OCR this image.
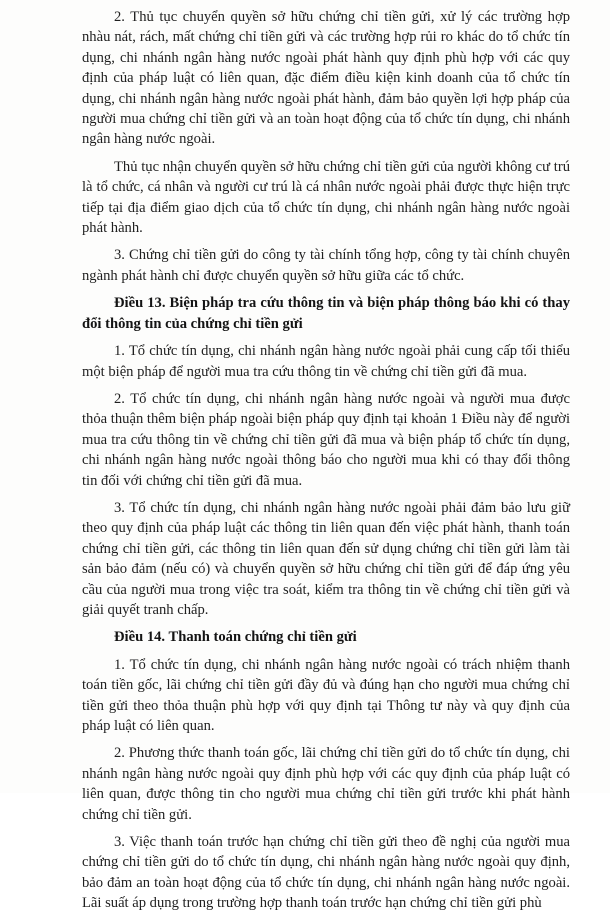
2. Thủ tục chuyển quyền sở hữu chứng chỉ tiền gửi, xử lý các trường hợp nhàu nát, rách, mất chứng chỉ tiền gửi và các trường hợp rủi ro khác do tổ chức tín dụng, chi nhánh ngân hàng nước ngoài phát hành quy định phù hợp với các quy định của pháp luật có liên quan, đặc điểm điều kiện kinh doanh của tổ chức tín dụng, chi nhánh ngân hàng nước ngoài phát hành, đảm bảo quyền lợi hợp pháp của người mua chứng chỉ tiền gửi và an toàn hoạt động của tổ chức tín dụng, chi nhánh ngân hàng nước ngoài.

Thủ tục nhận chuyển quyền sở hữu chứng chỉ tiền gửi của người không cư trú là tổ chức, cá nhân và người cư trú là cá nhân nước ngoài phải được thực hiện trực tiếp tại địa điểm giao dịch của tổ chức tín dụng, chi nhánh ngân hàng nước ngoài phát hành.

3. Chứng chỉ tiền gửi do công ty tài chính tổng hợp, công ty tài chính chuyên ngành phát hành chỉ được chuyển quyền sở hữu giữa các tổ chức.

Điều 13. Biện pháp tra cứu thông tin và biện pháp thông báo khi có thay đổi thông tin của chứng chỉ tiền gửi

1. Tổ chức tín dụng, chi nhánh ngân hàng nước ngoài phải cung cấp tối thiểu một biện pháp để người mua tra cứu thông tin về chứng chỉ tiền gửi đã mua.

2. Tổ chức tín dụng, chi nhánh ngân hàng nước ngoài và người mua được thỏa thuận thêm biện pháp ngoài biện pháp quy định tại khoản 1 Điều này để người mua tra cứu thông tin về chứng chỉ tiền gửi đã mua và biện pháp tổ chức tín dụng, chi nhánh ngân hàng nước ngoài thông báo cho người mua khi có thay đổi thông tin đối với chứng chỉ tiền gửi đã mua.

3. Tổ chức tín dụng, chi nhánh ngân hàng nước ngoài phải đảm bảo lưu giữ theo quy định của pháp luật các thông tin liên quan đến việc phát hành, thanh toán chứng chỉ tiền gửi, các thông tin liên quan đến sử dụng chứng chỉ tiền gửi làm tài sản bảo đảm (nếu có) và chuyển quyền sở hữu chứng chỉ tiền gửi để đáp ứng yêu cầu của người mua trong việc tra soát, kiểm tra thông tin về chứng chỉ tiền gửi và giải quyết tranh chấp.

Điều 14. Thanh toán chứng chỉ tiền gửi

1. Tổ chức tín dụng, chi nhánh ngân hàng nước ngoài có trách nhiệm thanh toán tiền gốc, lãi chứng chỉ tiền gửi đầy đủ và đúng hạn cho người mua chứng chỉ tiền gửi theo thỏa thuận phù hợp với quy định tại Thông tư này và quy định của pháp luật có liên quan.

2. Phương thức thanh toán gốc, lãi chứng chỉ tiền gửi do tổ chức tín dụng, chi nhánh ngân hàng nước ngoài quy định phù hợp với các quy định của pháp luật có liên quan, được thông tin cho người mua chứng chỉ tiền gửi trước khi phát hành chứng chỉ tiền gửi.

3. Việc thanh toán trước hạn chứng chỉ tiền gửi theo đề nghị của người mua chứng chỉ tiền gửi do tổ chức tín dụng, chi nhánh ngân hàng nước ngoài quy định, bảo đảm an toàn hoạt động của tổ chức tín dụng, chi nhánh ngân hàng nước ngoài. Lãi suất áp dụng trong trường hợp thanh toán trước hạn chứng chỉ tiền gửi phù
